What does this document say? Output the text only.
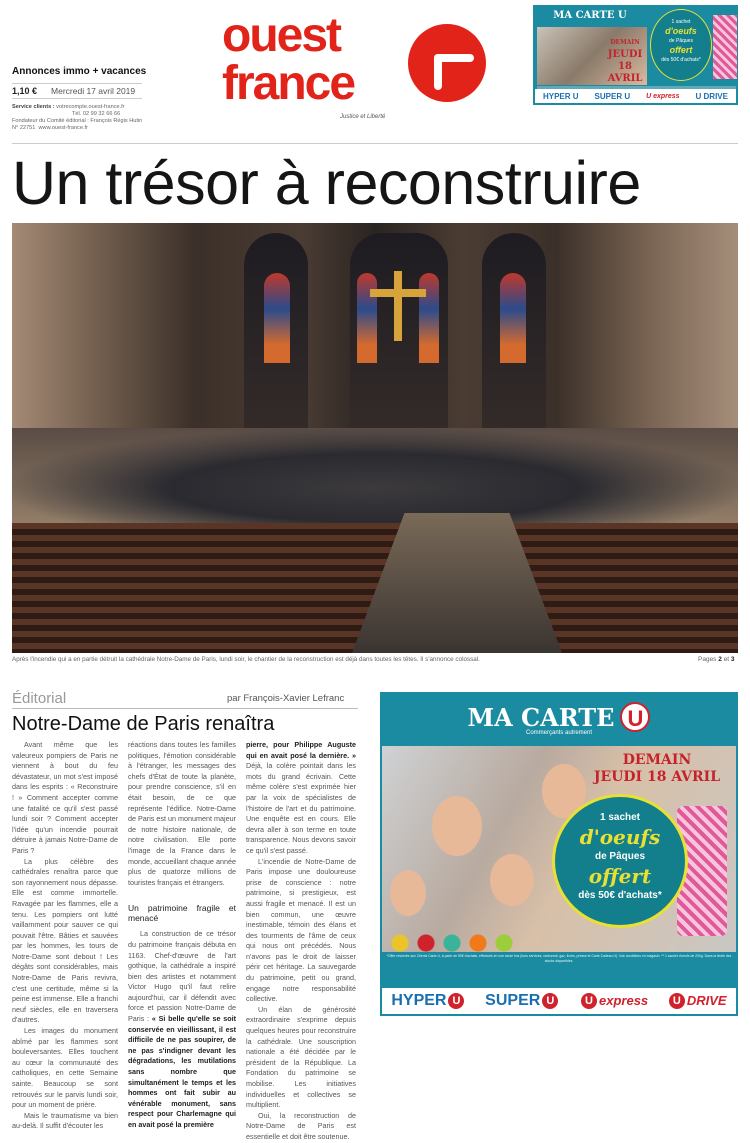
Annonces immo + vacances
1,10 € Mercredi 17 avril 2019
Service clients : votrecompte.ouest-france.fr
Tél. 02 99 32 66 66
Fondateur du Comité éditorial : François Régis Hutin
N° 22751 www.ouest-france.fr
ouest
france
Justice et Liberté
MA CARTE U
DEMAIN
JEUDI
18 AVRIL
1 sachet
d'oeufs
de Pâques
offert
dès 50€ d'achats*
HYPER U SUPER U U express U DRIVE
Un trésor à reconstruire
Après l'incendie qui a en partie détruit la cathédrale Notre-Dame de Paris, lundi soir, le chantier de la reconstruction est déjà dans toutes les têtes. Il s'annonce colossal.	Pages 2 et 3
Éditorial	par François-Xavier Lefranc
Notre-Dame de Paris renaîtra

Avant même que les valeureux pompiers de Paris ne viennent à bout du feu dévastateur, un mot s'est imposé dans les esprits : « Reconstruire ! » Comment accepter comme une fatalité ce qu'il s'est passé lundi soir ? Comment accepter l'idée qu'un incendie pourrait détruire à jamais Notre-Dame de Paris ?

La plus célèbre des cathédrales renaîtra parce que son rayonnement nous dépasse. Elle est comme immortelle. Ravagée par les flammes, elle a tenu. Les pompiers ont lutté vaillamment pour sauver ce qui pouvait l'être. Bâties et sauvées par les hommes, les tours de Notre-Dame sont debout ! Les dégâts sont considérables, mais Notre-Dame de Paris revivra, c'est une certitude, même si la peine est immense. Elle a franchi neuf siècles, elle en traversera d'autres.

Les images du monument abîmé par les flammes sont bouleversantes. Elles touchent au cœur la communauté des catholiques, en cette Semaine sainte. Beaucoup se sont retrouvés sur le parvis lundi soir, pour un moment de prière.

Mais le traumatisme va bien au-delà. Il suffit d'écouter les

réactions dans toutes les familles politiques, l'émotion considérable à l'étranger, les messages des chefs d'État de toute la planète, pour prendre conscience, s'il en était besoin, de ce que représente l'édifice. Notre-Dame de Paris est un monument majeur de notre histoire nationale, de notre civilisation. Elle porte l'image de la France dans le monde, accueillant chaque année plus de quatorze millions de touristes français et étrangers.

Un patrimoine fragile et menacé

La construction de ce trésor du patrimoine français débuta en 1163. Chef-d'œuvre de l'art gothique, la cathédrale a inspiré bien des artistes et notamment Victor Hugo qu'il faut relire aujourd'hui, car il défendit avec force et passion Notre-Dame de Paris : « Si belle qu'elle se soit conservée en vieillissant, il est difficile de ne pas soupirer, de ne pas s'indigner devant les dégradations, les mutilations sans nombre que simultanément le temps et les hommes ont fait subir au vénérable monument, sans respect pour Charlemagne qui en avait posé la première

pierre, pour Philippe Auguste qui en avait posé la dernière. » Déjà, la colère pointait dans les mots du grand écrivain. Cette même colère s'est exprimée hier par la voix de spécialistes de l'histoire de l'art et du patrimoine. Une enquête est en cours. Elle devra aller à son terme en toute transparence. Nous devons savoir ce qu'il s'est passé.

L'incendie de Notre-Dame de Paris impose une douloureuse prise de conscience : notre patrimoine, si prestigieux, est aussi fragile et menacé. Il est un bien commun, une œuvre inestimable, témoin des élans et des tourments de l'âme de ceux qui nous ont précédés. Nous n'avons pas le droit de laisser périr cet héritage. La sauvegarde du patrimoine, petit ou grand, engage notre responsabilité collective.

Un élan de générosité extraordinaire s'exprime depuis quelques heures pour reconstruire la cathédrale. Une souscription nationale a été décidée par le président de la République. La Fondation du patrimoine se mobilise. Les initiatives individuelles et collectives se multiplient.

Oui, la reconstruction de Notre-Dame de Paris est essentielle et doit être soutenue.

MA CARTE U
Commerçants autrement
DEMAIN
JEUDI 18 AVRIL
1 sachet
d'oeufs
de Pâques
offert
dès 50€ d'achats*
*Offre réservée aux Clients Carte U, à partir de 50€ d'achats, effectués en une seule fois (hors services, carburant, gaz, livres, presse et Carte Cadeau U). Voir conditions en magasin. ** 1 sachet d'oeufs de 200g. Dans la limite des stocks disponibles.
HYPER U	SUPER U	U express	U DRIVE
